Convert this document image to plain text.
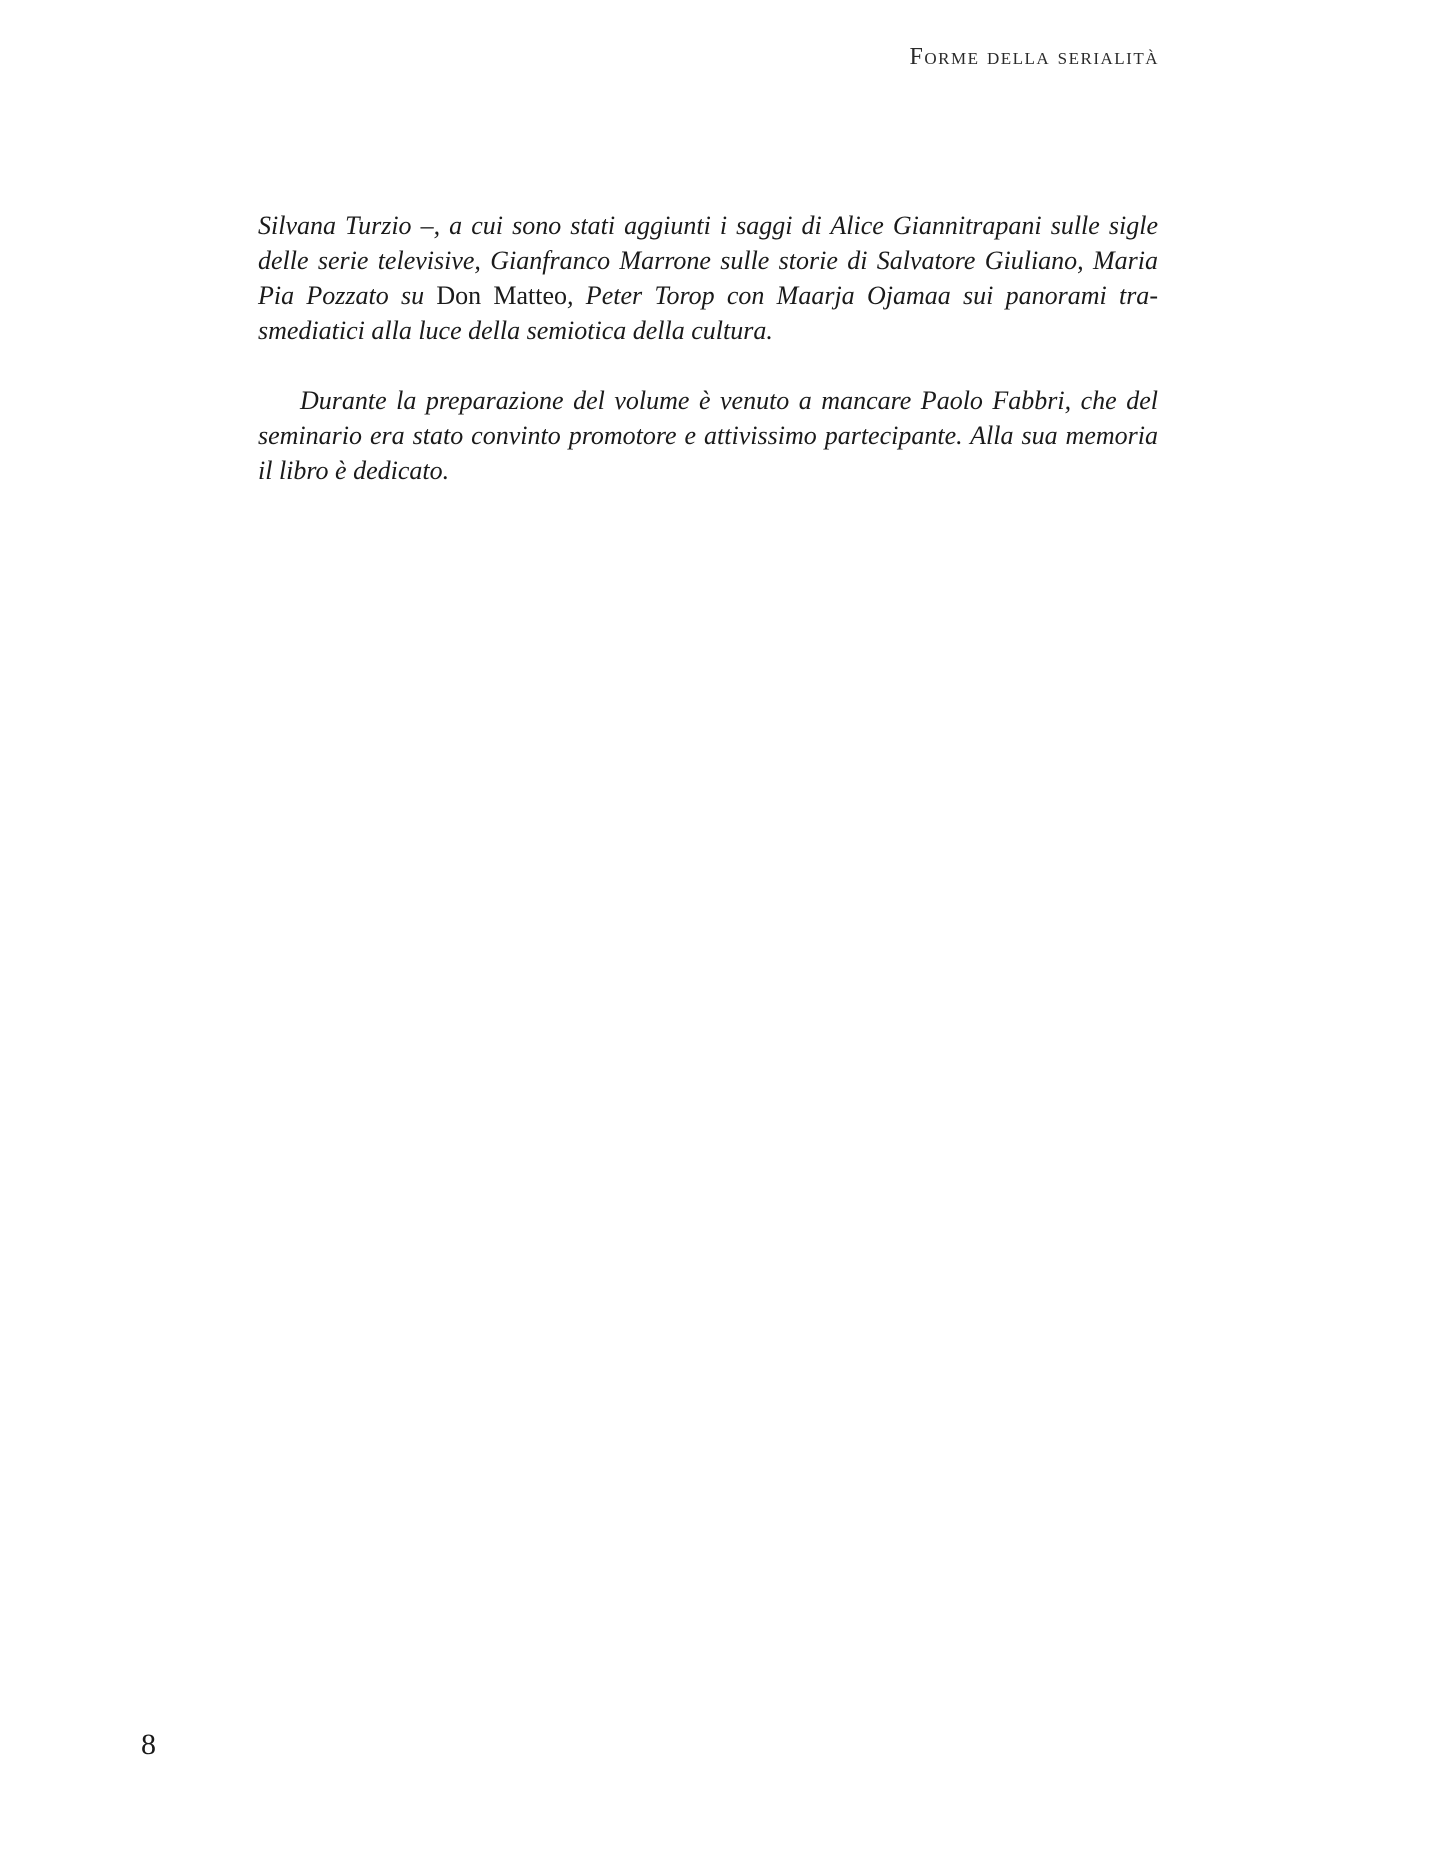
Forme della serialità

Silvana Turzio –, a cui sono stati aggiunti i saggi di Alice Giannitrapani sulle sigle delle serie televisive, Gianfranco Marrone sulle storie di Salvatore Giuliano, Maria Pia Pozzato su Don Matteo, Peter Torop con Maarja Ojamaa sui panorami trasmediatici alla luce della semiotica della cultura.

Durante la preparazione del volume è venuto a mancare Paolo Fabbri, che del seminario era stato convinto promotore e attivissimo partecipante. Alla sua memoria il libro è dedicato.

8
